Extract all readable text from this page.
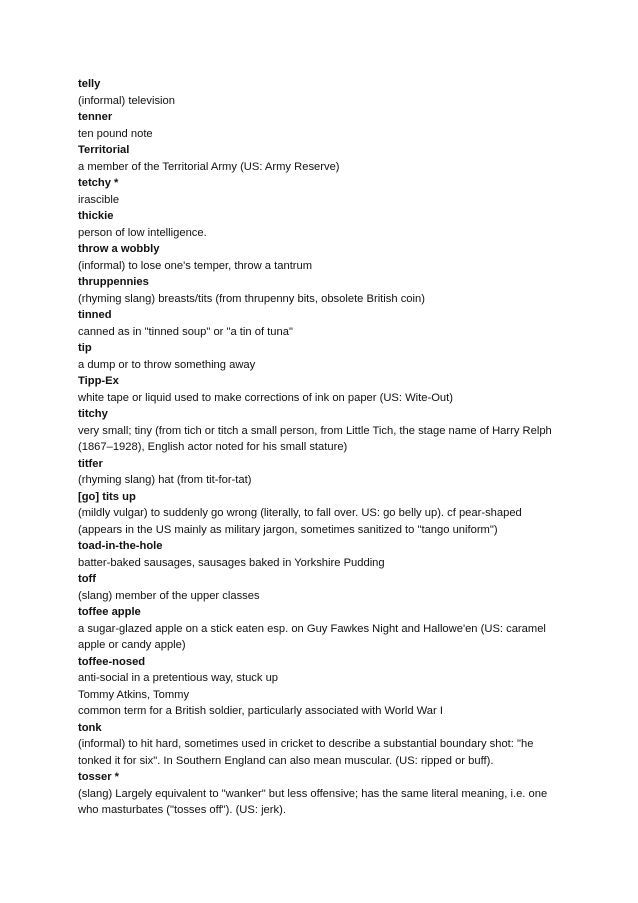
telly
(informal) television
tenner
ten pound note
Territorial
a member of the Territorial Army (US: Army Reserve)
tetchy *
irascible
thickie
person of low intelligence.
throw a wobbly
(informal) to lose one's temper, throw a tantrum
thruppennies
(rhyming slang) breasts/tits (from thrupenny bits, obsolete British coin)
tinned
canned as in "tinned soup" or "a tin of tuna"
tip
a dump or to throw something away
Tipp-Ex
white tape or liquid used to make corrections of ink on paper (US: Wite-Out)
titchy
very small; tiny (from tich or titch a small person, from Little Tich, the stage name of Harry Relph (1867–1928), English actor noted for his small stature)
titfer
(rhyming slang) hat (from tit-for-tat)
[go] tits up
(mildly vulgar) to suddenly go wrong (literally, to fall over. US: go belly up). cf pear-shaped (appears in the US mainly as military jargon, sometimes sanitized to "tango uniform")
toad-in-the-hole
batter-baked sausages, sausages baked in Yorkshire Pudding
toff
(slang) member of the upper classes
toffee apple
a sugar-glazed apple on a stick eaten esp. on Guy Fawkes Night and Hallowe'en (US: caramel apple or candy apple)
toffee-nosed
anti-social in a pretentious way, stuck up
Tommy Atkins, Tommy
common term for a British soldier, particularly associated with World War I
tonk
(informal) to hit hard, sometimes used in cricket to describe a substantial boundary shot: "he tonked it for six". In Southern England can also mean muscular. (US: ripped or buff).
tosser *
(slang) Largely equivalent to "wanker" but less offensive; has the same literal meaning, i.e. one who masturbates ("tosses off"). (US: jerk).
